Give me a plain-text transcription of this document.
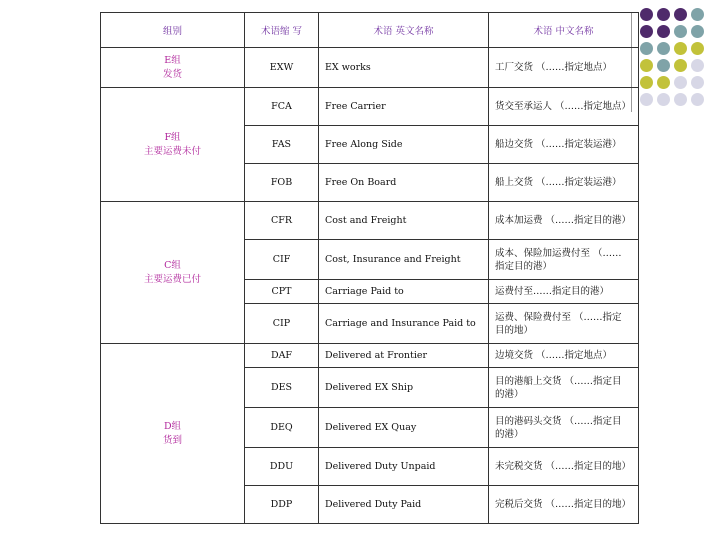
组别	术语缩 写	术语 英文名称	术语 中文名称

E组
发货	EXW	EX works	工厂交货 （……指定地点）

F组
主要运费未付	FCA	Free Carrier	货交至承运人 （……指定地点）
	FAS	Free Along Side	船边交货 （……指定装运港）
	FOB	Free On Board	船上交货 （……指定装运港）

C组
主要运费已付	CFR	Cost and Freight	成本加运费 （……指定目的港）
	CIF	Cost, Insurance and Freight	成本、保险加运费付至 （……指定目的港）
	CPT	Carriage Paid to	运费付至……指定目的港）
	CIP	Carriage and Insurance Paid to	运费、保险费付至 （……指定目的地）

D组
货到	DAF	Delivered at Frontier	边境交货 （……指定地点）
	DES	Delivered EX Ship	目的港船上交货 （……指定目的港）
	DEQ	Delivered EX Quay	目的港码头交货 （……指定目的港）
	DDU	Delivered Duty Unpaid	未完税交货 （……指定目的地）
	DDP	Delivered Duty Paid	完税后交货 （……指定目的地）
